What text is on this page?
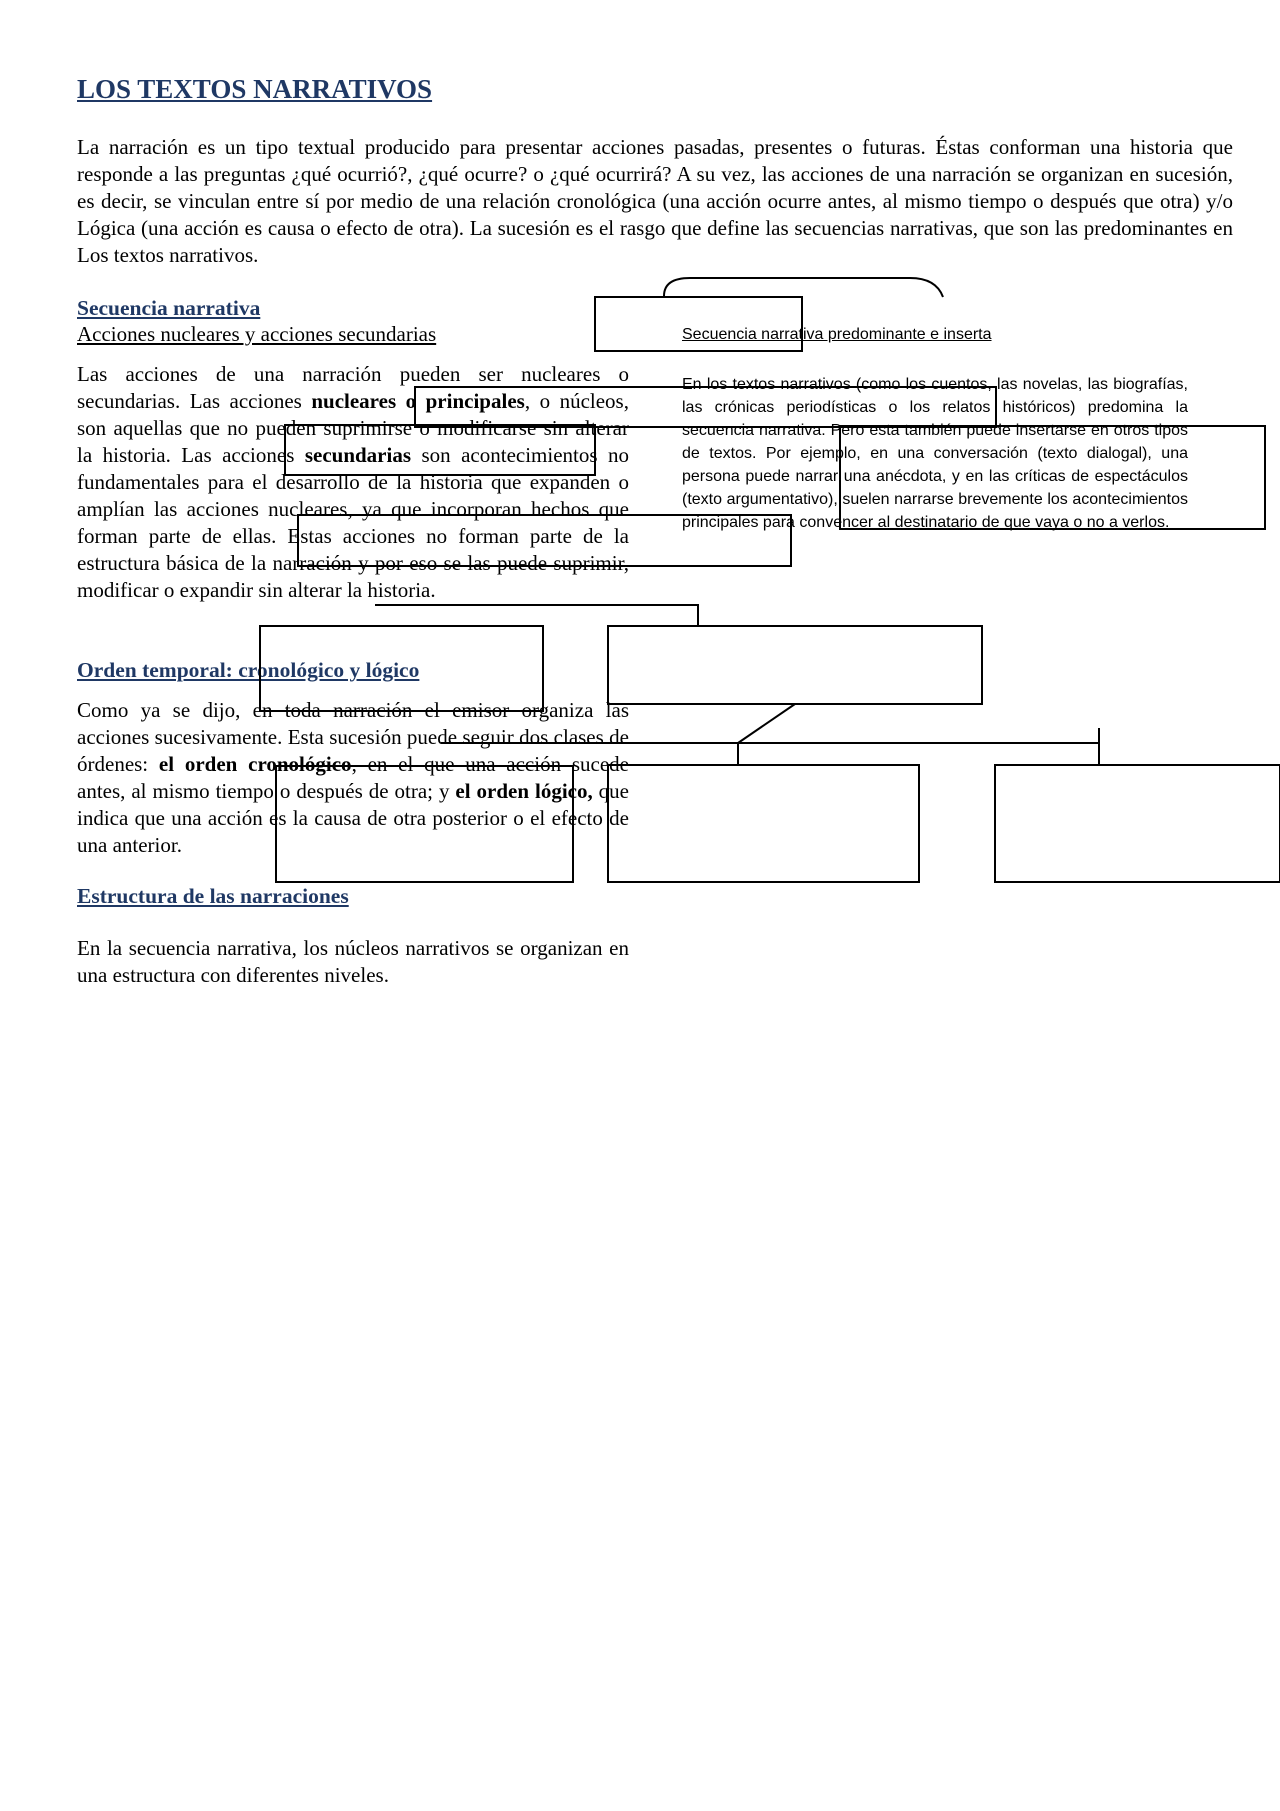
LOS TEXTOS NARRATIVOS

La narración es un tipo textual producido para presentar acciones pasadas, presentes o futuras. Éstas conforman una historia que responde a las preguntas ¿qué ocurrió?, ¿qué ocurre? o ¿qué ocurrirá? A su vez, las acciones de una narración se organizan en sucesión, es decir, se vinculan entre sí por medio de una relación cronológica (una acción ocurre antes, al mismo tiempo o después que otra) y/o Lógica (una acción es causa o efecto de otra). La sucesión es el rasgo que define las secuencias narrativas, que son las predominantes en Los textos narrativos.

Secuencia narrativa

Acciones nucleares y acciones secundarias

Las acciones de una narración pueden ser nucleares o secundarias. Las acciones nucleares o principales, o núcleos, son aquellas que no pueden suprimirse o modificarse sin alterar la historia. Las acciones secundarias son acontecimientos no fundamentales para el desarrollo de la historia que expanden o amplían las acciones nucleares, ya que incorporan hechos que forman parte de ellas. Estas acciones no forman parte de la estructura básica de la narración y por eso se las puede suprimir, modificar o expandir sin alterar la historia.

Secuencia narrativa predominante e inserta

En los textos narrativos (como los cuentos, las novelas, las biografías, las crónicas periodísticas o los relatos históricos) predomina la secuencia narrativa. Pero esta también puede insertarse en otros tipos de textos. Por ejemplo, en una conversación (texto dialogal), una persona puede narrar una anécdota, y en las críticas de espectáculos (texto argumentativo), suelen narrarse brevemente los acontecimientos principales para convencer al destinatario de que vaya o no a verlos.

Orden temporal: cronológico y lógico

Como ya se dijo, en toda narración el emisor organiza las acciones sucesivamente. Esta sucesión puede seguir dos clases de órdenes: el orden cronológico, en el que una acción sucede antes, al mismo tiempo o después de otra; y el orden lógico, que indica que una acción es la causa de otra posterior o el efecto de una anterior.

Estructura de las narraciones

En la secuencia narrativa, los núcleos narrativos se organizan en una estructura con diferentes niveles.
